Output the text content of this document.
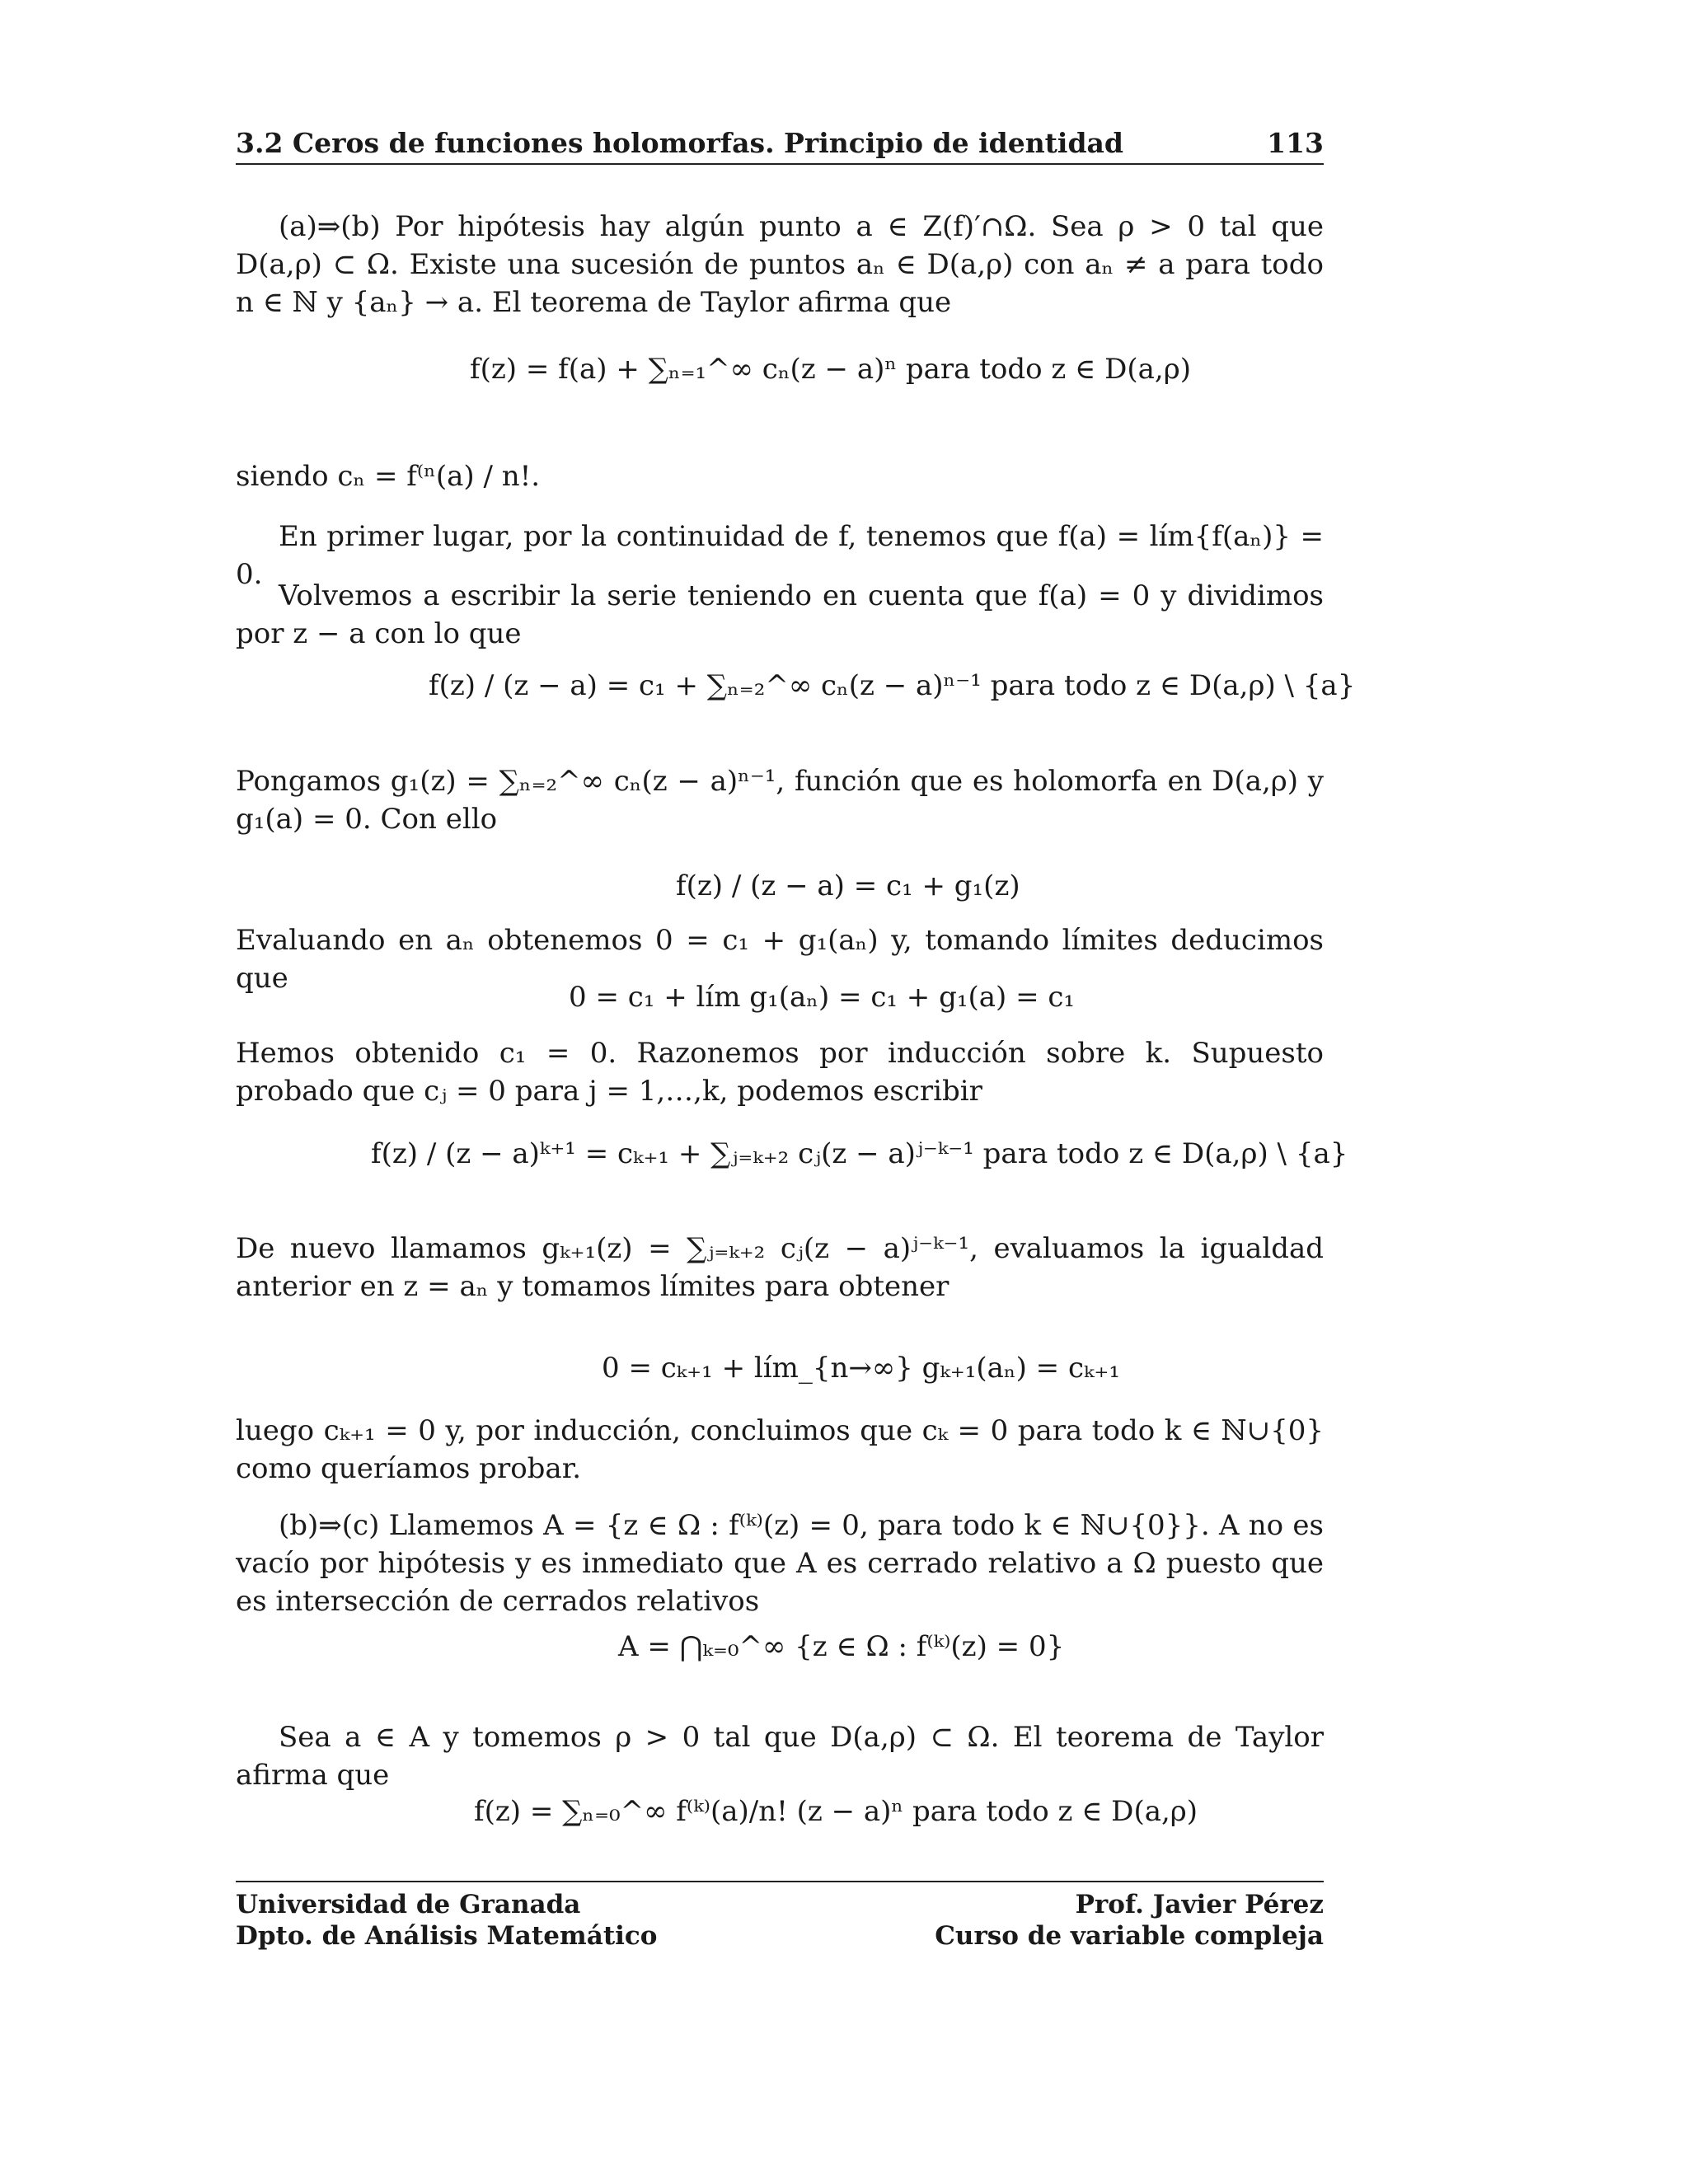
3.2 Ceros de funciones holomorfas. Principio de identidad	113
(a)⇒(b) Por hipótesis hay algún punto a ∈ Z(f)′∩Ω. Sea ρ > 0 tal que D(a,ρ) ⊂ Ω. Existe una sucesión de puntos aₙ ∈ D(a,ρ) con aₙ ≠ a para todo n ∈ ℕ y {aₙ} → a. El teorema de Taylor afirma que
f(z) = f(a) + ∑ₙ₌₁^∞ cₙ(z − a)ⁿ para todo z ∈ D(a,ρ)
siendo cₙ = f⁽ⁿ(a) / n!.
En primer lugar, por la continuidad de f, tenemos que f(a) = lím{f(aₙ)} = 0.
Volvemos a escribir la serie teniendo en cuenta que f(a) = 0 y dividimos por z − a con lo que
f(z) / (z − a) = c₁ + ∑ₙ₌₂^∞ cₙ(z − a)ⁿ⁻¹ para todo z ∈ D(a,ρ) \ {a}
Pongamos g₁(z) = ∑ₙ₌₂^∞ cₙ(z − a)ⁿ⁻¹, función que es holomorfa en D(a,ρ) y g₁(a) = 0. Con ello
f(z) / (z − a) = c₁ + g₁(z)
Evaluando en aₙ obtenemos 0 = c₁ + g₁(aₙ) y, tomando límites deducimos que
0 = c₁ + lím g₁(aₙ) = c₁ + g₁(a) = c₁
Hemos obtenido c₁ = 0. Razonemos por inducción sobre k. Supuesto probado que cⱼ = 0 para j = 1,…,k, podemos escribir
f(z) / (z − a)ᵏ⁺¹ = cₖ₊₁ + ∑ⱼ₌ₖ₊₂ cⱼ(z − a)ʲ⁻ᵏ⁻¹ para todo z ∈ D(a,ρ) \ {a}
De nuevo llamamos gₖ₊₁(z) = ∑ⱼ₌ₖ₊₂ cⱼ(z − a)ʲ⁻ᵏ⁻¹, evaluamos la igualdad anterior en z = aₙ y tomamos límites para obtener
0 = cₖ₊₁ + lím_{n→∞} gₖ₊₁(aₙ) = cₖ₊₁
luego cₖ₊₁ = 0 y, por inducción, concluimos que cₖ = 0 para todo k ∈ ℕ∪{0} como queríamos probar.
(b)⇒(c) Llamemos A = {z ∈ Ω : f⁽ᵏ⁾(z) = 0, para todo k ∈ ℕ∪{0}}. A no es vacío por hipótesis y es inmediato que A es cerrado relativo a Ω puesto que es intersección de cerrados relativos
A = ⋂ₖ₌₀^∞ {z ∈ Ω : f⁽ᵏ⁾(z) = 0}
Sea a ∈ A y tomemos ρ > 0 tal que D(a,ρ) ⊂ Ω. El teorema de Taylor afirma que
f(z) = ∑ₙ₌₀^∞ f⁽ᵏ⁾(a)/n! (z − a)ⁿ para todo z ∈ D(a,ρ)
Universidad de Granada
Dpto. de Análisis Matemático
Prof. Javier Pérez
Curso de variable compleja
